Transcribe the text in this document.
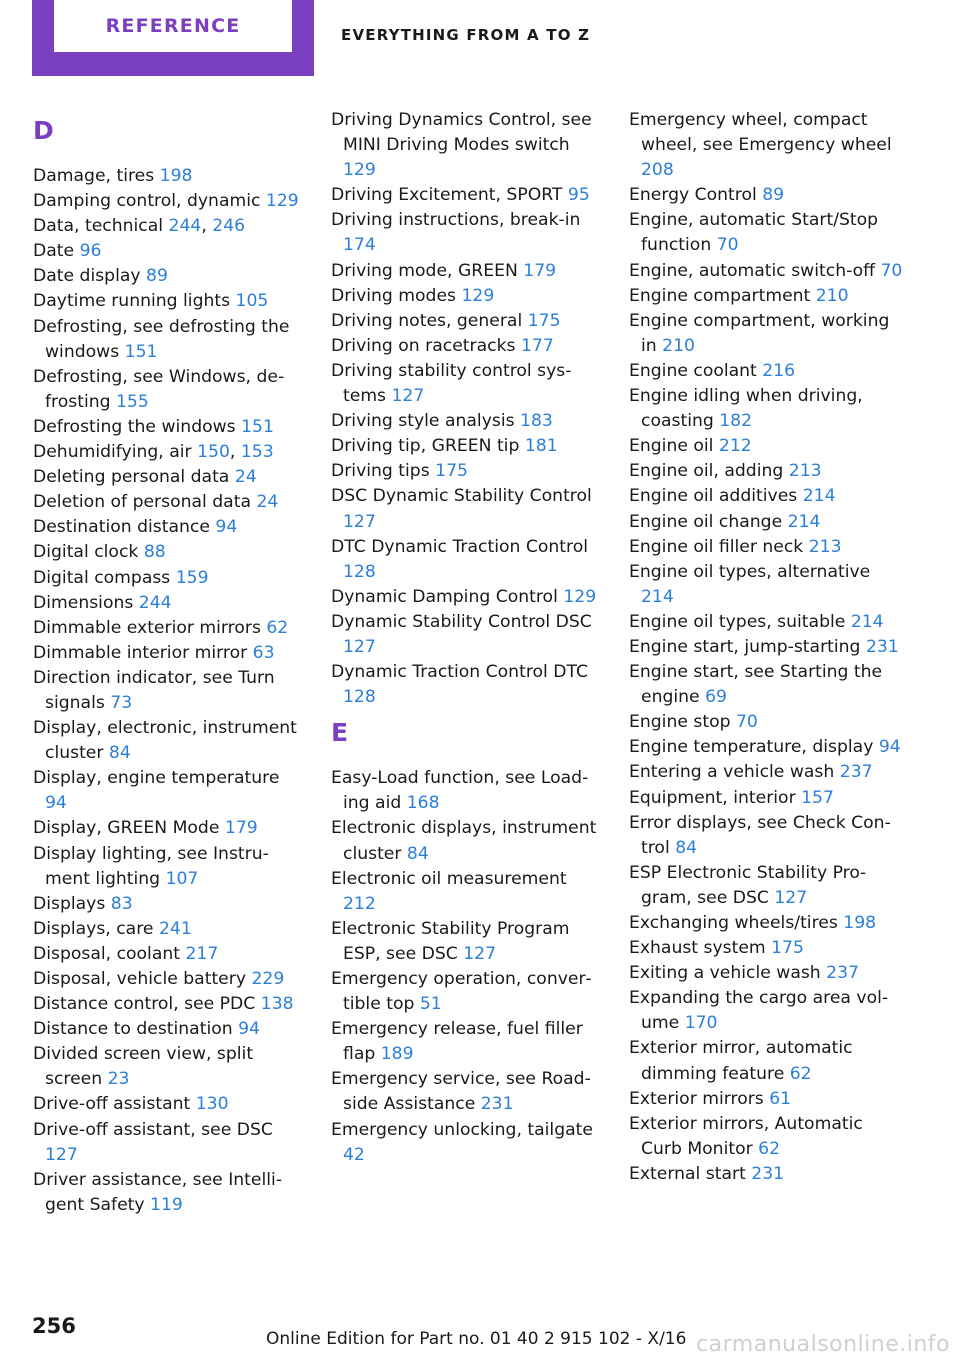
REFERENCE	EVERYTHING FROM A TO Z
D
Damage, tires 198
Damping control, dynamic 129
Data, technical 244, 246
Date 96
Date display 89
Daytime running lights 105
Defrosting, see defrosting the windows 151
Defrosting, see Windows, defrosting 155
Defrosting the windows 151
Dehumidifying, air 150, 153
Deleting personal data 24
Deletion of personal data 24
Destination distance 94
Digital clock 88
Digital compass 159
Dimensions 244
Dimmable exterior mirrors 62
Dimmable interior mirror 63
Direction indicator, see Turn signals 73
Display, electronic, instrument cluster 84
Display, engine temperature 94
Display, GREEN Mode 179
Display lighting, see Instrument lighting 107
Displays 83
Displays, care 241
Disposal, coolant 217
Disposal, vehicle battery 229
Distance control, see PDC 138
Distance to destination 94
Divided screen view, split screen 23
Drive-off assistant 130
Drive-off assistant, see DSC 127
Driver assistance, see Intelligent Safety 119
Driving Dynamics Control, see MINI Driving Modes switch 129
Driving Excitement, SPORT 95
Driving instructions, break-in 174
Driving mode, GREEN 179
Driving modes 129
Driving notes, general 175
Driving on racetracks 177
Driving stability control systems 127
Driving style analysis 183
Driving tip, GREEN tip 181
Driving tips 175
DSC Dynamic Stability Control 127
DTC Dynamic Traction Control 128
Dynamic Damping Control 129
Dynamic Stability Control DSC 127
Dynamic Traction Control DTC 128
E
Easy-Load function, see Loading aid 168
Electronic displays, instrument cluster 84
Electronic oil measurement 212
Electronic Stability Program ESP, see DSC 127
Emergency operation, convertible top 51
Emergency release, fuel filler flap 189
Emergency service, see Roadside Assistance 231
Emergency unlocking, tailgate 42
Emergency wheel, compact wheel, see Emergency wheel 208
Energy Control 89
Engine, automatic Start/Stop function 70
Engine, automatic switch-off 70
Engine compartment 210
Engine compartment, working in 210
Engine coolant 216
Engine idling when driving, coasting 182
Engine oil 212
Engine oil, adding 213
Engine oil additives 214
Engine oil change 214
Engine oil filler neck 213
Engine oil types, alternative 214
Engine oil types, suitable 214
Engine start, jump-starting 231
Engine start, see Starting the engine 69
Engine stop 70
Engine temperature, display 94
Entering a vehicle wash 237
Equipment, interior 157
Error displays, see Check Control 84
ESP Electronic Stability Program, see DSC 127
Exchanging wheels/tires 198
Exhaust system 175
Exiting a vehicle wash 237
Expanding the cargo area volume 170
Exterior mirror, automatic dimming feature 62
Exterior mirrors 61
Exterior mirrors, Automatic Curb Monitor 62
External start 231
256
Online Edition for Part no. 01 40 2 915 102 - X/16 carmanualsonline.info
